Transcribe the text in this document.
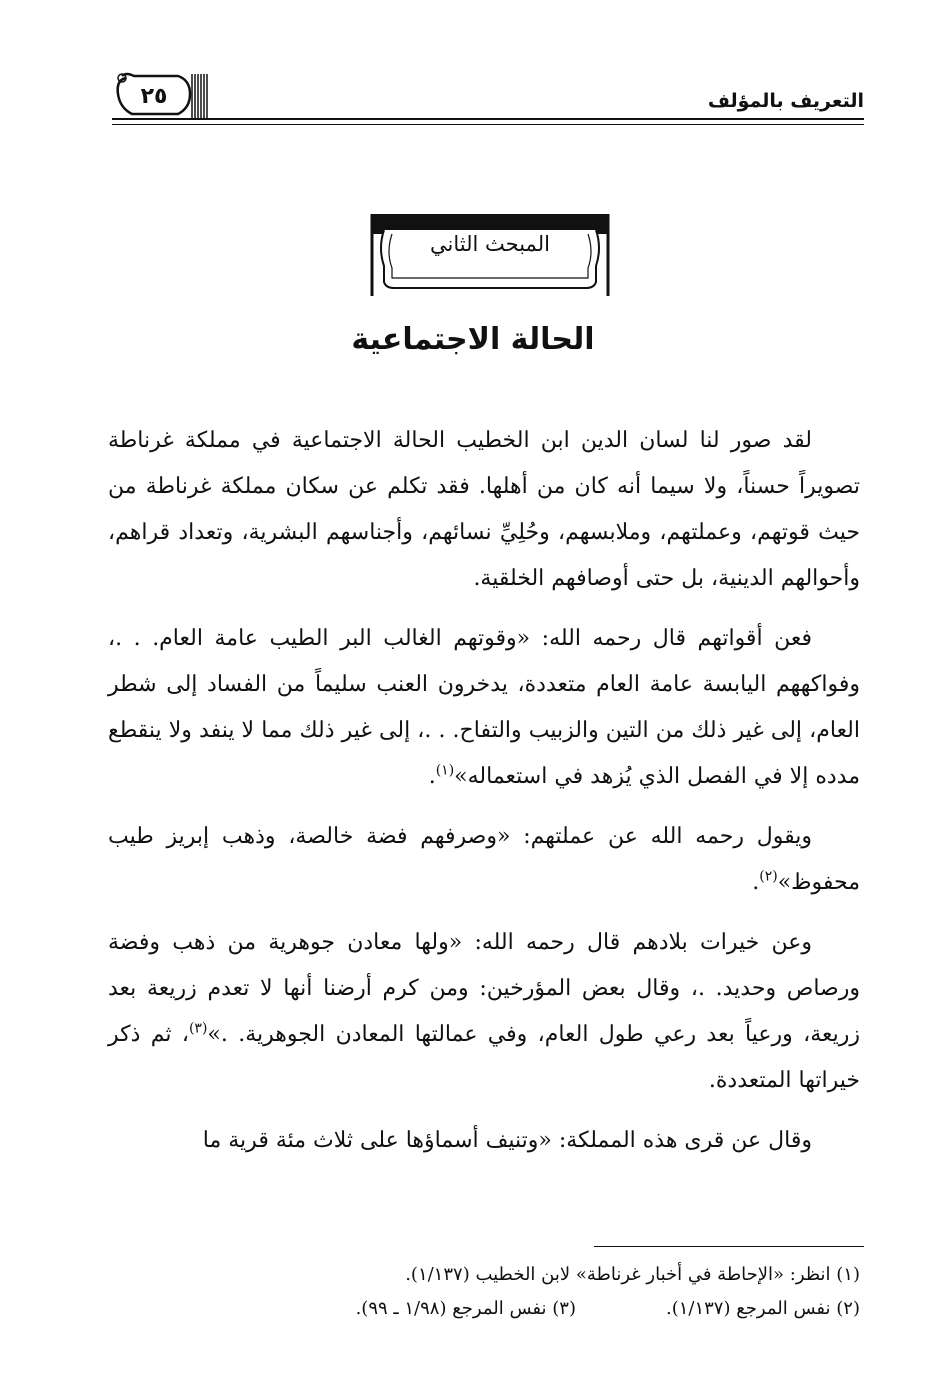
التعريف بالمؤلف
٢٥
المبحث الثاني
الحالة الاجتماعية

لقد صور لنا لسان الدين ابن الخطيب الحالة الاجتماعية في مملكة غرناطة تصويراً حسناً، ولا سيما أنه كان من أهلها. فقد تكلم عن سكان مملكة غرناطة من حيث قوتهم، وعملتهم، وملابسهم، وحُلِيِّ نسائهم، وأجناسهم البشرية، وتعداد قراهم، وأحوالهم الدينية، بل حتى أوصافهم الخلقية.

فعن أقواتهم قال رحمه الله: «وقوتهم الغالب البر الطيب عامة العام. . .، وفواكههم اليابسة عامة العام متعددة، يدخرون العنب سليماً من الفساد إلى شطر العام، إلى غير ذلك من التين والزبيب والتفاح. . .، إلى غير ذلك مما لا ينفد ولا ينقطع مدده إلا في الفصل الذي يُزهد في استعماله»$^{(١)}$.

ويقول رحمه الله عن عملتهم: «وصرفهم فضة خالصة، وذهب إبريز طيب محفوظ»$^{(٢)}$.

وعن خيرات بلادهم قال رحمه الله: «ولها معادن جوهرية من ذهب وفضة ورصاص وحديد. .، وقال بعض المؤرخين: ومن كرم أرضنا أنها لا تعدم زريعة بعد زريعة، ورعياً بعد رعي طول العام، وفي عمالتها المعادن الجوهرية. .»$^{(٣)}$، ثم ذكر خيراتها المتعددة.

وقال عن قرى هذه المملكة: «وتنيف أسماؤها على ثلاث مئة قرية ما

(١) انظر: «الإحاطة في أخبار غرناطة» لابن الخطيب (١/١٣٧).
(٢) نفس المرجع (١/١٣٧).(٣) نفس المرجع (١/٩٨ ـ ٩٩).
